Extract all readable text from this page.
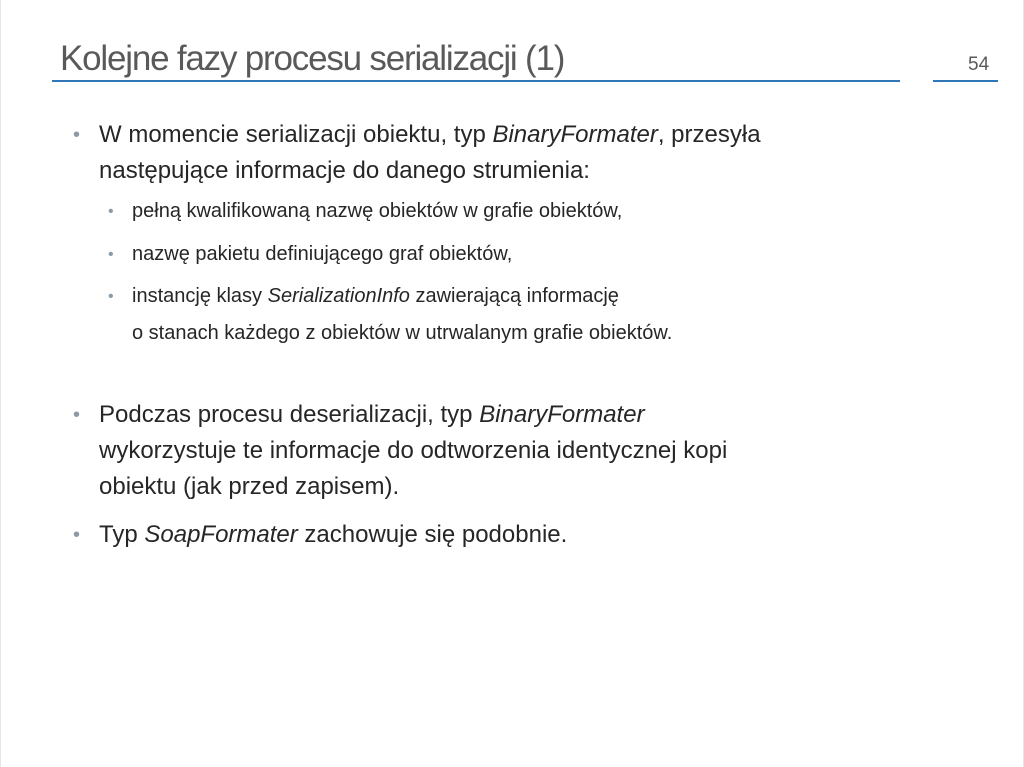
Kolejne fazy procesu serializacji (1)	54
• W momencie serializacji obiektu, typ BinaryFormater, przesyła
następujące informacje do danego strumienia:
• pełną kwalifikowaną nazwę obiektów w grafie obiektów,
• nazwę pakietu definiującego graf obiektów,
• instancję klasy SerializationInfo zawierającą informację
o stanach każdego z obiektów w utrwalanym grafie obiektów.
• Podczas procesu deserializacji, typ BinaryFormater
wykorzystuje te informacje do odtworzenia identycznej kopi
obiektu (jak przed zapisem).
• Typ SoapFormater zachowuje się podobnie.
